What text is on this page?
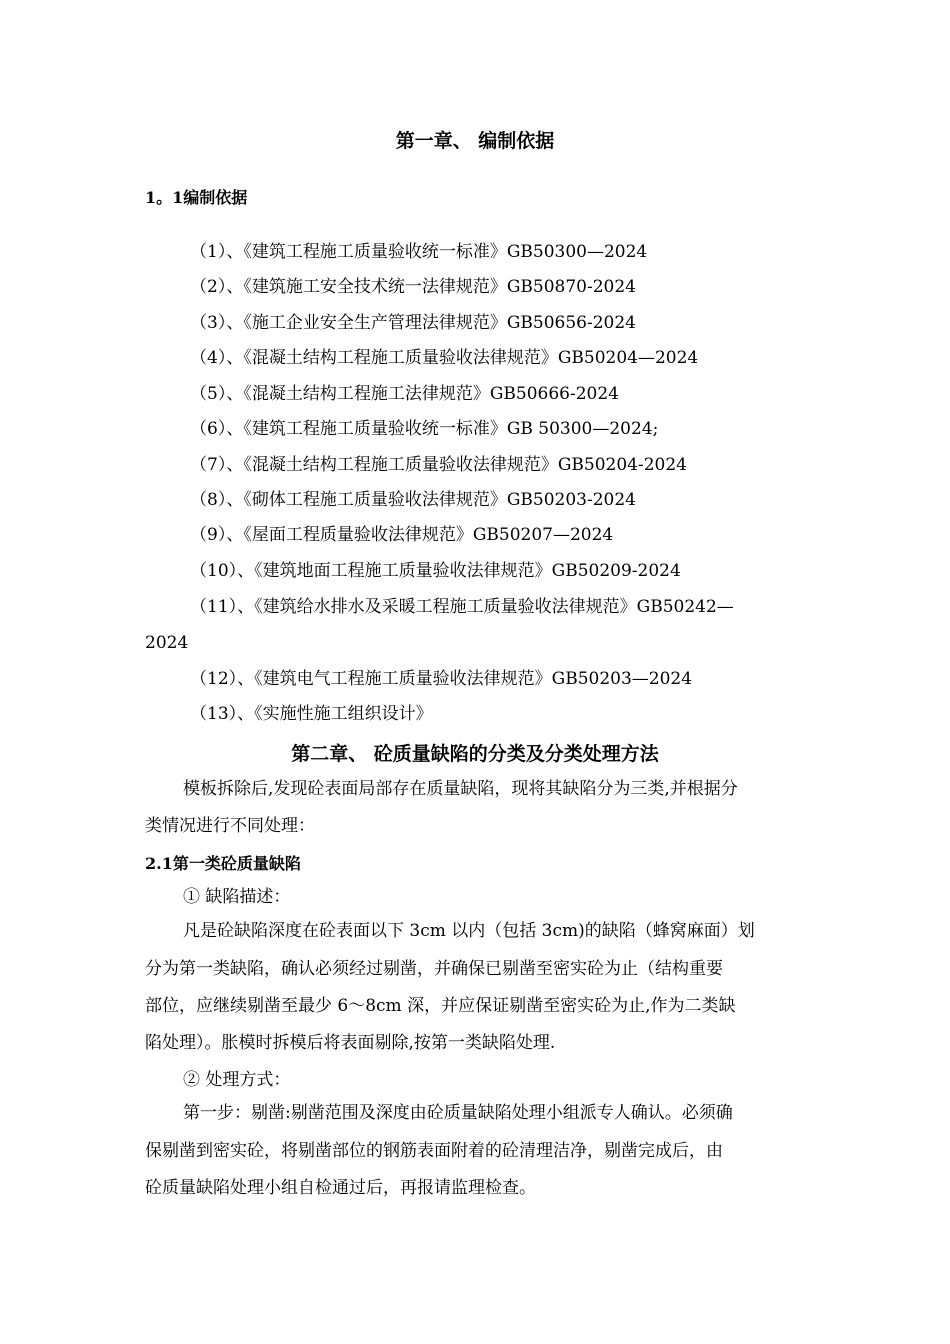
第一章、 编制依据
1。1编制依据
（1）、《建筑工程施工质量验收统一标准》GB50300—2024
（2）、《建筑施工安全技术统一法律规范》GB50870-2024
（3）、《施工企业安全生产管理法律规范》GB50656-2024
（4）、《混凝土结构工程施工质量验收法律规范》GB50204—2024
（5）、《混凝土结构工程施工法律规范》GB50666-2024
（6）、《建筑工程施工质量验收统一标准》GB 50300—2024;
（7）、《混凝土结构工程施工质量验收法律规范》GB50204-2024
（8）、《砌体工程施工质量验收法律规范》GB50203-2024
（9）、《屋面工程质量验收法律规范》GB50207—2024
（10）、《建筑地面工程施工质量验收法律规范》GB50209-2024
（11）、《建筑给水排水及采暖工程施工质量验收法律规范》GB50242—
2024
（12）、《建筑电气工程施工质量验收法律规范》GB50203—2024
（13）、《实施性施工组织设计》
第二章、 砼质量缺陷的分类及分类处理方法
模板拆除后,发现砼表面局部存在质量缺陷，现将其缺陷分为三类,并根据分
类情况进行不同处理：
2.1第一类砼质量缺陷
① 缺陷描述：
凡是砼缺陷深度在砼表面以下 3cm 以内（包括 3cm)的缺陷（蜂窝麻面）划
分为第一类缺陷，确认必须经过剔凿，并确保已剔凿至密实砼为止（结构重要
部位，应继续剔凿至最少 6～8cm 深，并应保证剔凿至密实砼为止,作为二类缺
陷处理）。胀模时拆模后将表面剔除,按第一类缺陷处理.
② 处理方式：
第一步：剔凿:剔凿范围及深度由砼质量缺陷处理小组派专人确认。必须确
保剔凿到密实砼，将剔凿部位的钢筋表面附着的砼清理洁净，剔凿完成后，由
砼质量缺陷处理小组自检通过后，再报请监理检查。
